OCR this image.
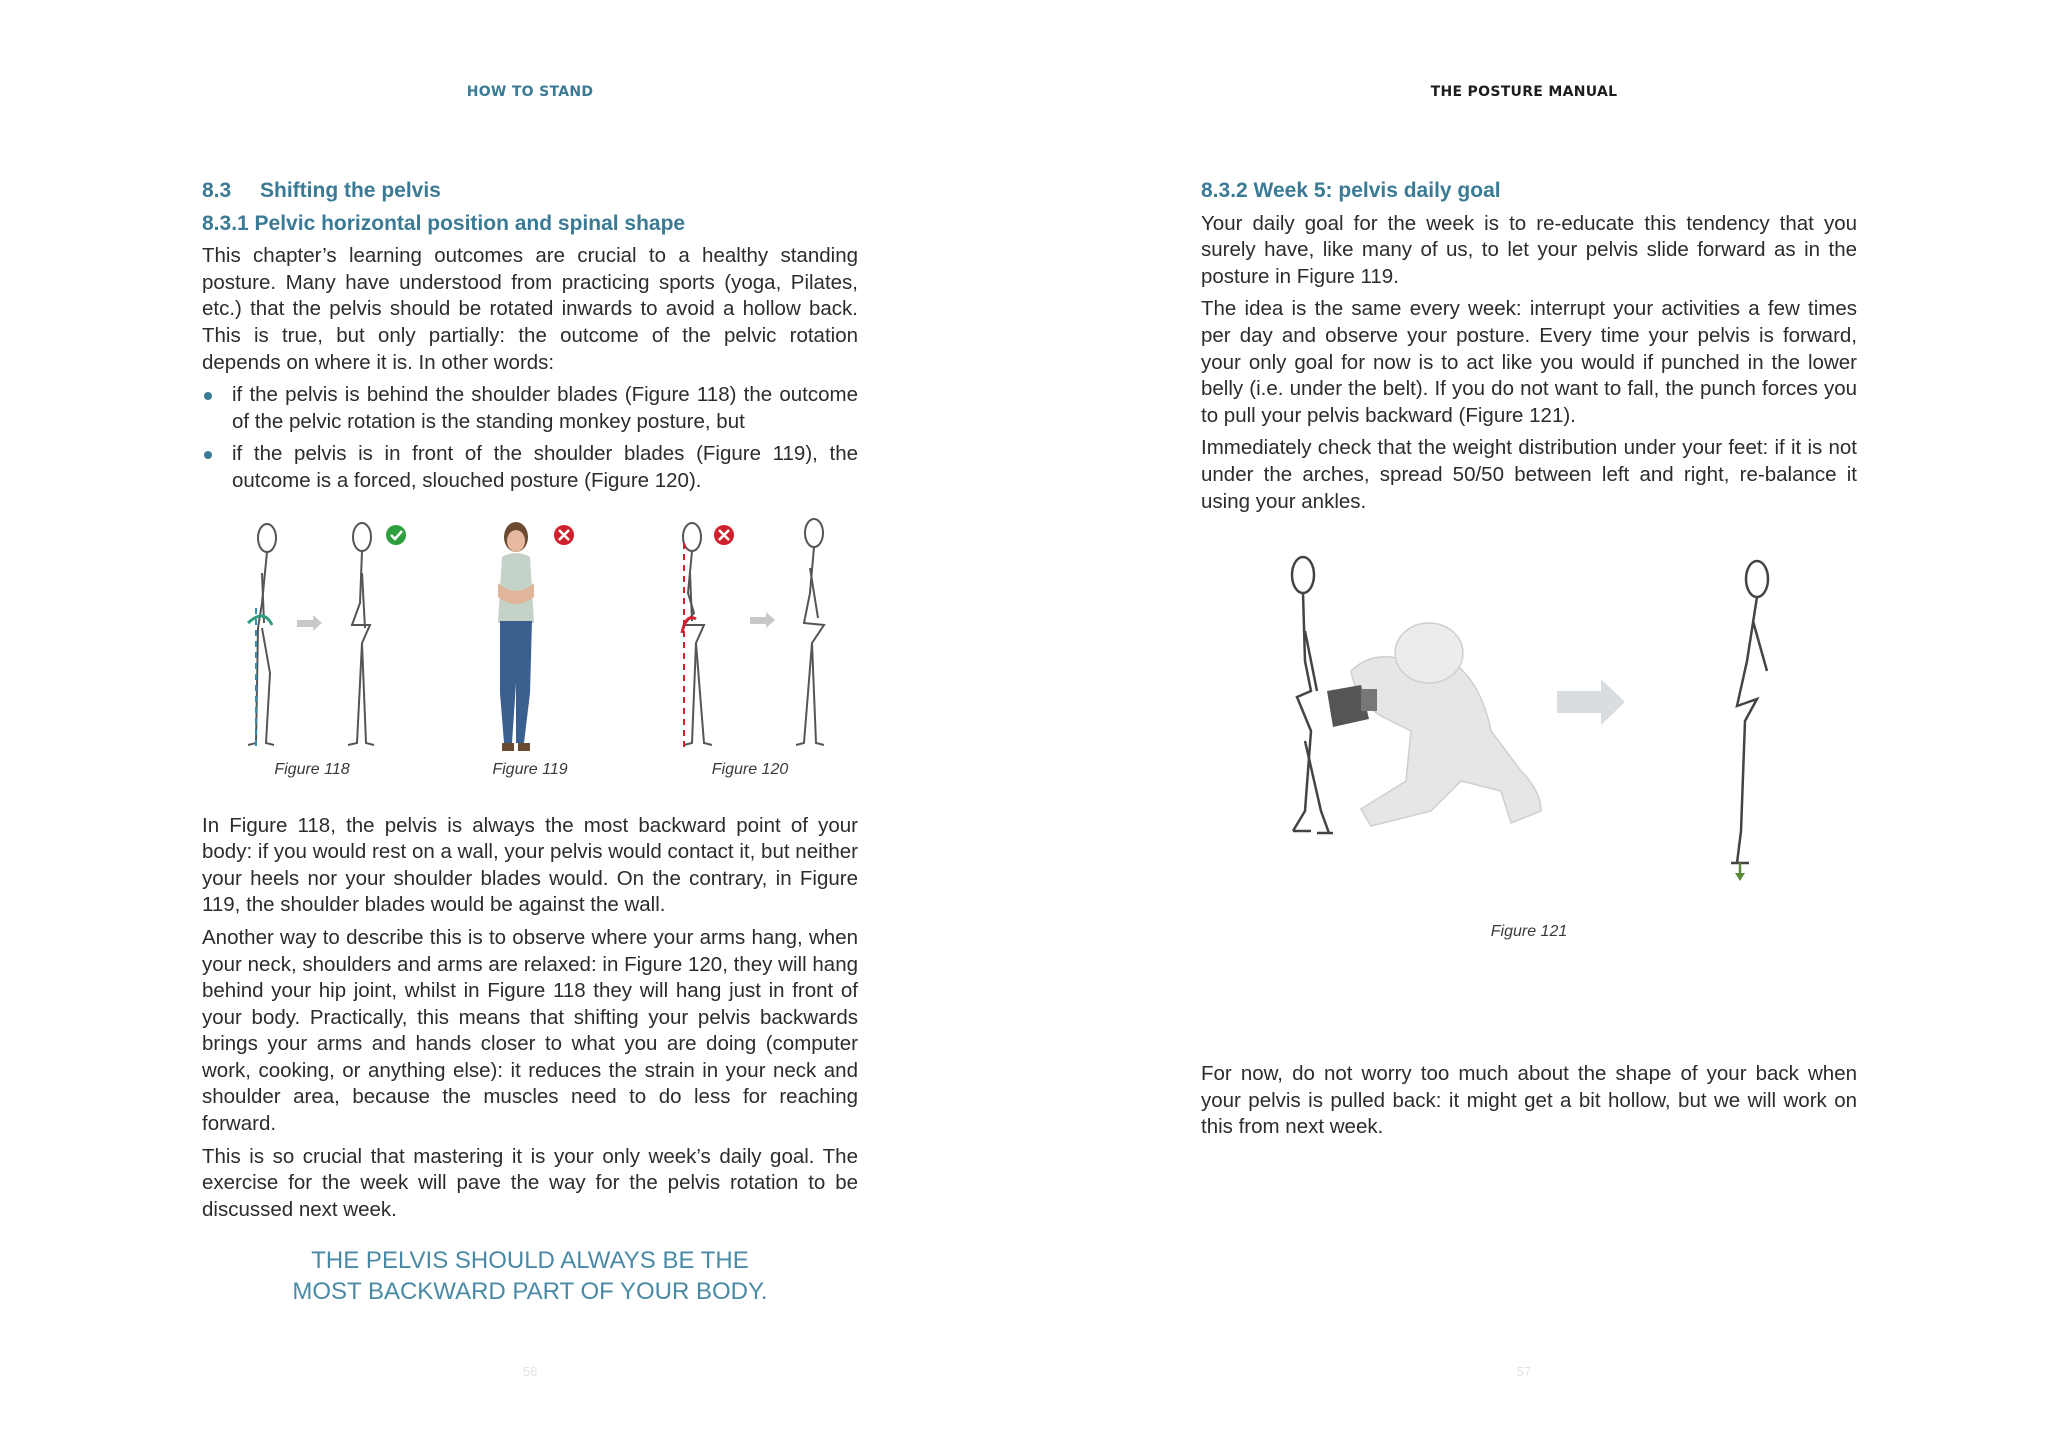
HOW TO STAND
8.3 Shifting the pelvis
8.3.1 Pelvic horizontal position and spinal shape

This chapter’s learning outcomes are crucial to a healthy standing posture. Many have understood from practicing sports (yoga, Pilates, etc.) that the pelvis should be rotated inwards to avoid a hollow back. This is true, but only partially: the outcome of the pelvic rotation depends on where it is. In other words:

if the pelvis is behind the shoulder blades (Figure 118) the outcome of the pelvic rotation is the standing monkey posture, but
if the pelvis is in front of the shoulder blades (Figure 119), the outcome is a forced, slouched posture (Figure 120).
Figure 118	Figure 119	Figure 120

In Figure 118, the pelvis is always the most backward point of your body: if you would rest on a wall, your pelvis would contact it, but neither your heels nor your shoulder blades would. On the contrary, in Figure 119, the shoulder blades would be against the wall.

Another way to describe this is to observe where your arms hang, when your neck, shoulders and arms are relaxed: in Figure 120, they will hang behind your hip joint, whilst in Figure 118 they will hang just in front of your body. Practically, this means that shifting your pelvis backwards brings your arms and hands closer to what you are doing (computer work, cooking, or anything else): it reduces the strain in your neck and shoulder area, because the muscles need to do less for reaching forward.

This is so crucial that mastering it is your only week’s daily goal. The exercise for the week will pave the way for the pelvis rotation to be discussed next week.

THE PELVIS SHOULD ALWAYS BE THE
MOST BACKWARD PART OF YOUR BODY.
56
THE POSTURE MANUAL
8.3.2 Week 5: pelvis daily goal

Your daily goal for the week is to re-educate this tendency that you surely have, like many of us, to let your pelvis slide forward as in the posture in Figure 119.

The idea is the same every week: interrupt your activities a few times per day and observe your posture. Every time your pelvis is forward, your only goal for now is to act like you would if punched in the lower belly (i.e. under the belt). If you do not want to fall, the punch forces you to pull your pelvis backward (Figure 121).

Immediately check that the weight distribution under your feet: if it is not under the arches, spread 50/50 between left and right, re-balance it using your ankles.

Figure 121

For now, do not worry too much about the shape of your back when your pelvis is pulled back: it might get a bit hollow, but we will work on this from next week.

57
